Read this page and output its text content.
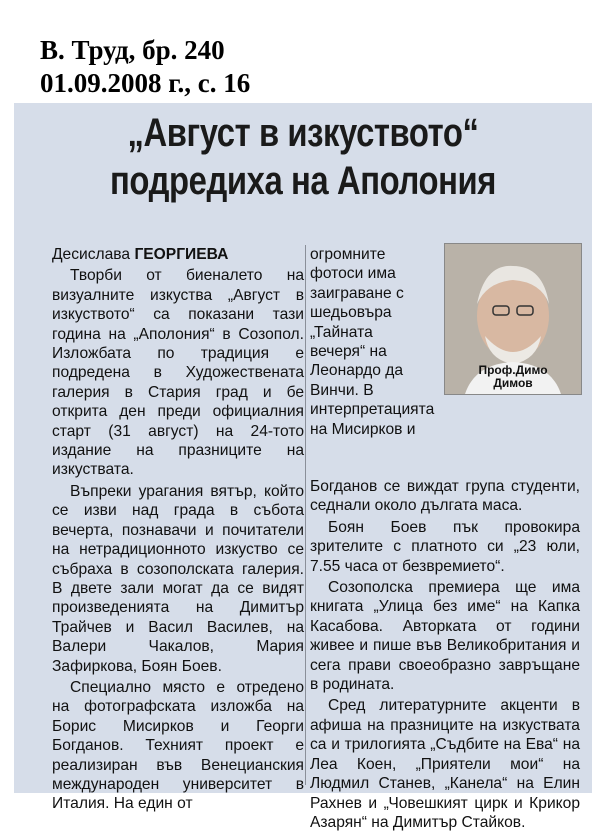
В. Труд, бр. 240
01.09.2008 г., с. 16
„Август в изкуството“
подредиха на Аполония
Десислава ГЕОРГИЕВА

Творби от биеналето на визуалните изкуства „Август в изкуството“ са показани тази година на „Аполония“ в Созопол. Изложбата по традиция е подредена в Художествената галерия в Стария град и бе открита ден преди официалния старт (31 август) на 24-тото издание на празниците на изкуствата.

Въпреки урагания вятър, който се изви над града в събота вечерта, познавачи и почитатели на нетрадиционното изкуство се събраха в созополската галерия. В двете зали могат да се видят произведенията на Димитър Трайчев и Васил Василев, на Валери Чакалов, Мария Зафиркова, Боян Боев.

Специално място е отредено на фотографската изложба на Борис Мисирков и Георги Богданов. Техният проект е реализиран във Венецианския международен университет в Италия. На един от

огромните фотоси има заиграване с шедьовъра „Тайната вечеря“ на Леонардо да Винчи. В интерпретацията на Мисирков и

Богданов се виждат група студенти, седнали около дългата маса.

Боян Боев пък провокира зрителите с платното си „23 юли, 7.55 часа от безвремието“.

Созополска премиера ще има книгата „Улица без име“ на Капка Касабова. Авторката от години живее и пише във Великобритания и сега прави своеобразно завръщане в родината.

Сред литературните акценти в афиша на празниците на изкуствата са и трилогията „Съдбите на Ева“ на Леа Коен, „Приятели мои“ на Людмил Станев, „Канела“ на Елин Рахнев и „Човешкият цирк и Крикор Азарян“ на Димитър Стайков.

Проф.Димо
Димов
